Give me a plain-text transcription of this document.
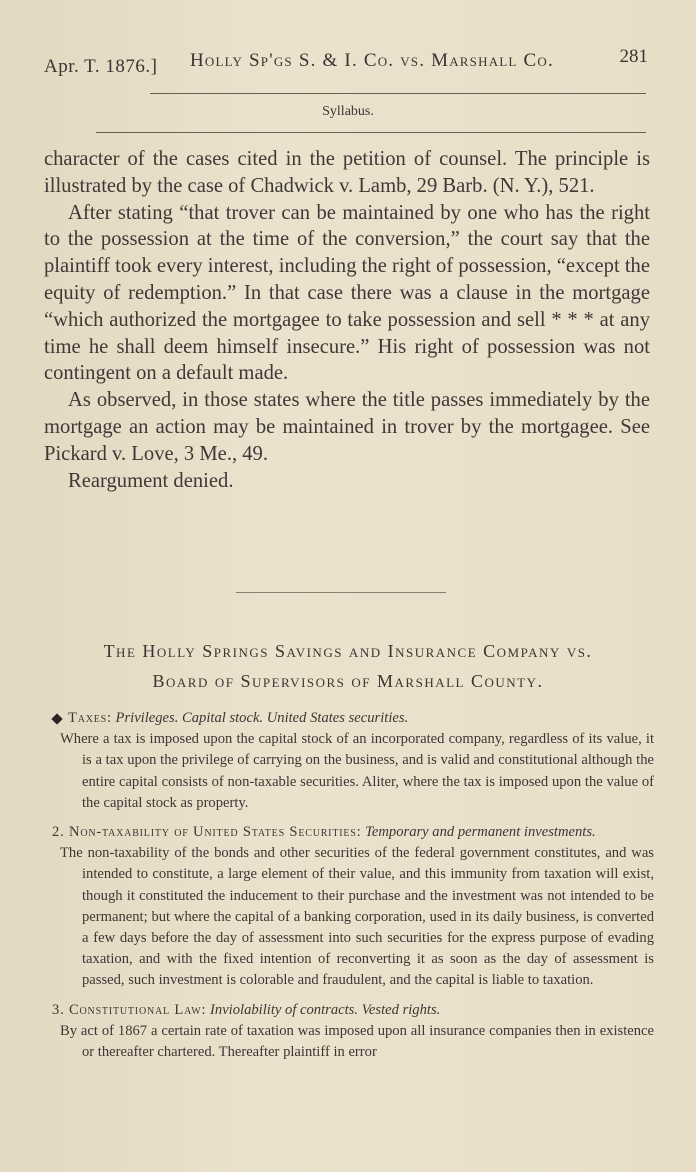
Apr. T. 1876.] Holly Sp'gs S. & I. Co. vs. Marshall Co.	281
Syllabus.

character of the cases cited in the petition of counsel. The principle is illustrated by the case of Chadwick v. Lamb, 29 Barb. (N. Y.), 521.

After stating “that trover can be maintained by one who has the right to the possession at the time of the conversion,” the court say that the plaintiff took every interest, including the right of possession, “except the equity of redemption.” In that case there was a clause in the mortgage “which authorized the mortgagee to take possession and sell * * * at any time he shall deem himself insecure.” His right of possession was not contingent on a default made.

As observed, in those states where the title passes immediately by the mortgage an action may be maintained in trover by the mortgagee. See Pickard v. Love, 3 Me., 49.

Reargument denied.

The Holly Springs Savings and Insurance Company vs.
Board of Supervisors of Marshall County.

Taxes: Privileges. Capital stock. United States securities.

Where a tax is imposed upon the capital stock of an incorporated company, regardless of its value, it is a tax upon the privilege of carrying on the business, and is valid and constitutional although the entire capital consists of non-taxable securities. Aliter, where the tax is imposed upon the value of the capital stock as property.

2. Non-taxability of United States Securities: Temporary and permanent investments.

The non-taxability of the bonds and other securities of the federal government constitutes, and was intended to constitute, a large element of their value, and this immunity from taxation will exist, though it constituted the inducement to their purchase and the investment was not intended to be permanent; but where the capital of a banking corporation, used in its daily business, is converted a few days before the day of assessment into such securities for the express purpose of evading taxation, and with the fixed intention of reconverting it as soon as the day of assessment is passed, such investment is colorable and fraudulent, and the capital is liable to taxation.

3. Constitutional Law: Inviolability of contracts. Vested rights.

By act of 1867 a certain rate of taxation was imposed upon all insurance companies then in existence or thereafter chartered. Thereafter plaintiff in error
